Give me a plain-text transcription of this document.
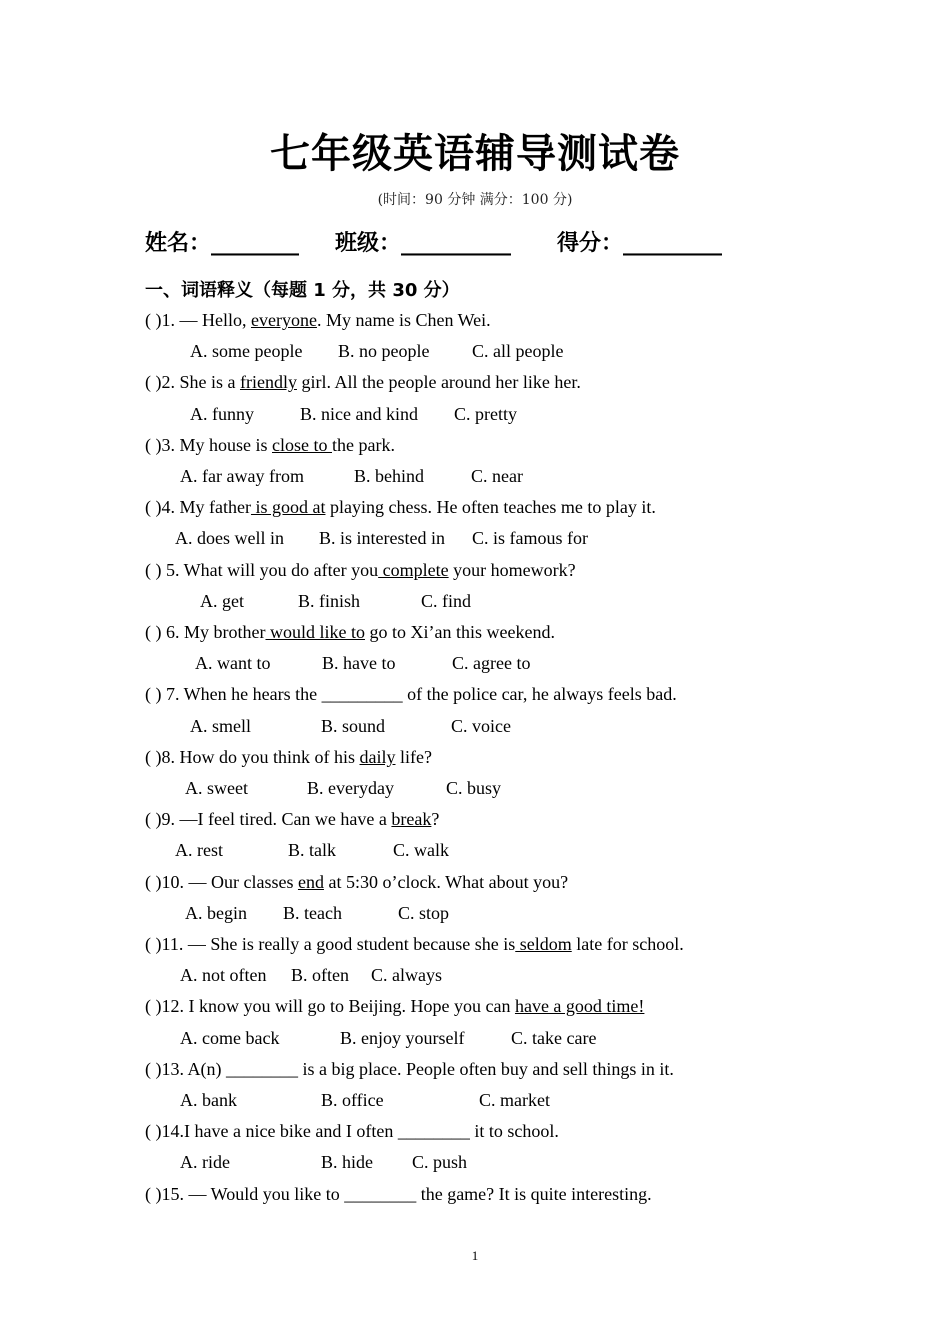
七年级英语辅导测试卷
(时间：90 分钟 满分：100 分)
姓名：________ 班级：__________ 得分：_________
一、词语释义（每题 1 分，共 30 分）
( )1. — Hello, everyone. My name is Chen Wei.
A. some people B. no people C. all people
( )2. She is a friendly girl. All the people around her like her.
A. funny	B. nice and kind C. pretty
( )3. My house is close to the park.
A. far away from	B. behind	C. near
( )4. My father is good at playing chess. He often teaches me to play it.
A. does well in B. is interested in C. is famous for
( ) 5. What will you do after you complete your homework?
A. get	B. finish	C. find
( ) 6. My brother would like to go to Xi’an this weekend.
A. want to	B. have to	C. agree to
( ) 7. When he hears the _________ of the police car, he always feels bad.
A. smell	B. sound	C. voice
( )8. How do you think of his daily life?
A. sweet	B. everyday	C. busy
( )9. —I feel tired. Can we have a break?
A. rest	B. talk	C. walk
( )10. — Our classes end at 5:30 o’clock. What about you?
A. begin B. teach	C. stop
( )11. — She is really a good student because she is seldom late for school.
A. not often B. often C. always
( )12. I know you will go to Beijing. Hope you can have a good time!
A. come back	B. enjoy yourself	C. take care
( )13. A(n) ________ is a big place. People often buy and sell things in it.
A. bank	B. office	C. market
( )14.I have a nice bike and I often ________ it to school.
A. ride	B. hide C. push
( )15. — Would you like to ________ the game? It is quite interesting.
1
